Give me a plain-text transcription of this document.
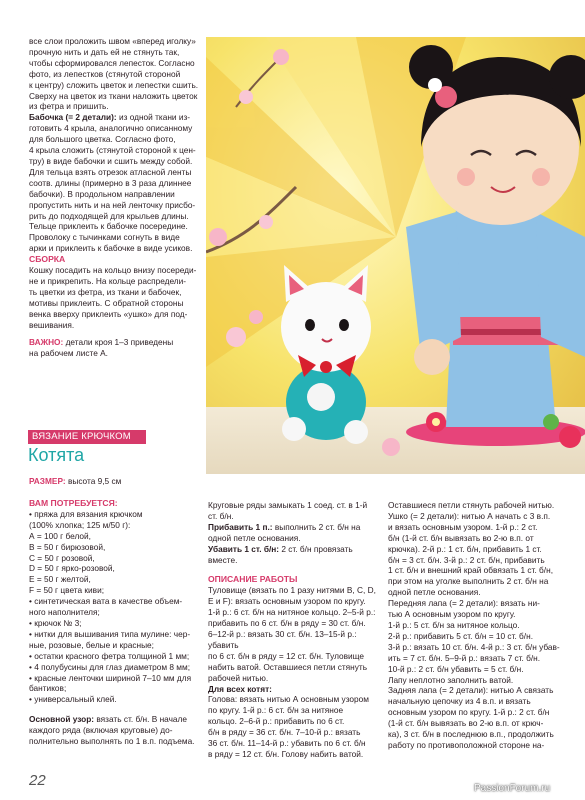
все слои проложить швом «вперед иголку»

прочную нить и дать ей не стянуть так,

чтобы сформировался лепесток. Согласно

фото, из лепестков (стянутой стороной

к центру) сложить цветок и лепестки сшить.

Сверху на цветок из ткани наложить цветок

из фетра и пришить.

Бабочка (= 2 детали): из одной ткани из-

готовить 4 крыла, аналогично описанному

для большого цветка. Согласно фото,

4 крыла сложить (стянутой стороной к цен-

тру) в виде бабочки и сшить между собой.

Для тельца взять отрезок атласной ленты

соотв. длины (примерно в 3 раза длиннее

бабочки). В продольном направлении

пропустить нить и на ней ленточку присбо-

рить до подходящей для крыльев длины.

Тельце приклеить к бабочке посередине.

Проволоку с тычинками согнуть в виде

арки и приклеить к бабочке в виде усиков.

СБОРКА

Кошку посадить на кольцо внизу посереди-

не и прикрепить. На кольце распредели-

ть цветки из фетра, из ткани и бабочек,

мотивы приклеить. С обратной стороны

венка вверху приклеить «ушко» для под-

вешивания.

ВАЖНО: детали кроя 1–3 приведены

на рабочем листе А.

ВЯЗАНИЕ КРЮЧКОМ
Котята
РАЗМЕР: высота 9,5 см

ВАМ ПОТРЕБУЕТСЯ:

• пряжа для вязания крючком

(100% хлопка; 125 м/50 г):

А = 100 г белой,

В = 50 г бирюзовой,

С = 50 г розовой,

D = 50 г ярко-розовой,

Е = 50 г желтой,

F = 50 г цвета киви;

• синтетическая вата в качестве объем-

ного наполнителя;

• крючок № 3;

• нитки для вышивания типа мулине: чер-

ные, розовые, белые и красные;

• остатки красного фетра толщиной 1 мм;

• 4 полубусины для глаз диаметром 8 мм;

• красные ленточки шириной 7–10 мм для

бантиков;

• универсальный клей.

Основной узор: вязать ст. б/н. В начале

каждого ряда (включая круговые) до-

полнительно выполнять по 1 в.п. подъема.

Круговые ряды замыкать 1 соед. ст. в 1-й

ст. б/н.

Прибавить 1 п.: выполнить 2 ст. б/н на

одной петле основания.

Убавить 1 ст. б/н: 2 ст. б/н провязать

вместе.

ОПИСАНИЕ РАБОТЫ

Туловище (вязать по 1 разу нитями B, C, D,

Е и F): вязать основным узором по кругу.

1-й р.: 6 ст. б/н на нитяное кольцо. 2–5-й р.:

прибавить по 6 ст. б/н в ряду = 30 ст. б/н.

6–12-й р.: вязать 30 ст. б/н. 13–15-й р.: убавить

по 6 ст. б/н в ряду = 12 ст. б/н. Туловище

набить ватой. Оставшиеся петли стянуть

рабочей нитью.

Для всех котят:

Голова: вязать нитью А основным узором

по кругу. 1-й р.: 6 ст. б/н за нитяное

кольцо. 2–6-й р.: прибавить по 6 ст.

б/н в ряду = 36 ст. б/н. 7–10-й р.: вязать

36 ст. б/н. 11–14-й р.: убавить по 6 ст. б/н

в ряду = 12 ст. б/н. Голову набить ватой.

Оставшиеся петли стянуть рабочей нитью.

Ушко (= 2 детали): нитью А начать с 3 в.п.

и вязать основным узором. 1-й р.: 2 ст.

б/н (1-й ст. б/н вывязать во 2-ю в.п. от

крючка). 2-й р.: 1 ст. б/н, прибавить 1 ст.

б/н = 3 ст. б/н. 3-й р.: 2 ст. б/н, прибавить

1 ст. б/н и внешний край обвязать 1 ст. б/н,

при этом на уголке выполнить 2 ст. б/н на

одной петле основания.

Передняя лапа (= 2 детали): вязать ни-

тью А основным узором по кругу.

1-й р.: 5 ст. б/н за нитяное кольцо.

2-й р.: прибавить 5 ст. б/н = 10 ст. б/н.

3-й р.: вязать 10 ст. б/н. 4-й р.: 3 ст. б/н убав-

ить = 7 ст. б/н. 5–9-й р.: вязать 7 ст. б/н.

10-й р.: 2 ст. б/н убавить = 5 ст. б/н.

Лапу неплотно заполнить ватой.

Задняя лапа (= 2 детали): нитью А связать

начальную цепочку из 4 в.п. и вязать

основным узором по кругу. 1-й р.: 2 ст. б/н

(1-й ст. б/н вывязать во 2-ю в.п. от крюч-

ка), 3 ст. б/н в последнюю в.п., продолжить

работу по противоположной стороне на-

22	PassionForum.ru
